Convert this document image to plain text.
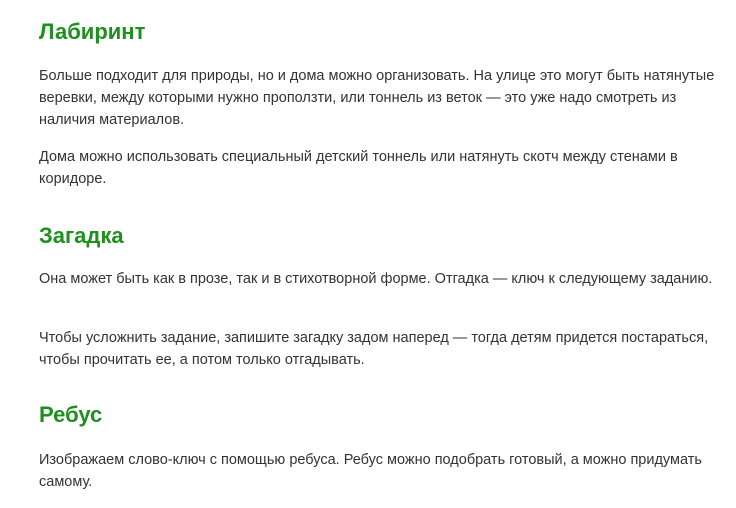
Лабиринт

Больше подходит для природы, но и дома можно организовать. На улице это могут быть натянутые веревки, между которыми нужно проползти, или тоннель из веток — это уже надо смотреть из наличия материалов.

Дома можно использовать специальный детский тоннель или натянуть скотч между стенами в коридоре.

Загадка

Она может быть как в прозе, так и в стихотворной форме. Отгадка — ключ к следующему заданию.

Чтобы усложнить задание, запишите загадку задом наперед — тогда детям придется постараться, чтобы прочитать ее, а потом только отгадывать.

Ребус

Изображаем слово-ключ с помощью ребуса. Ребус можно подобрать готовый, а можно придумать самому.
